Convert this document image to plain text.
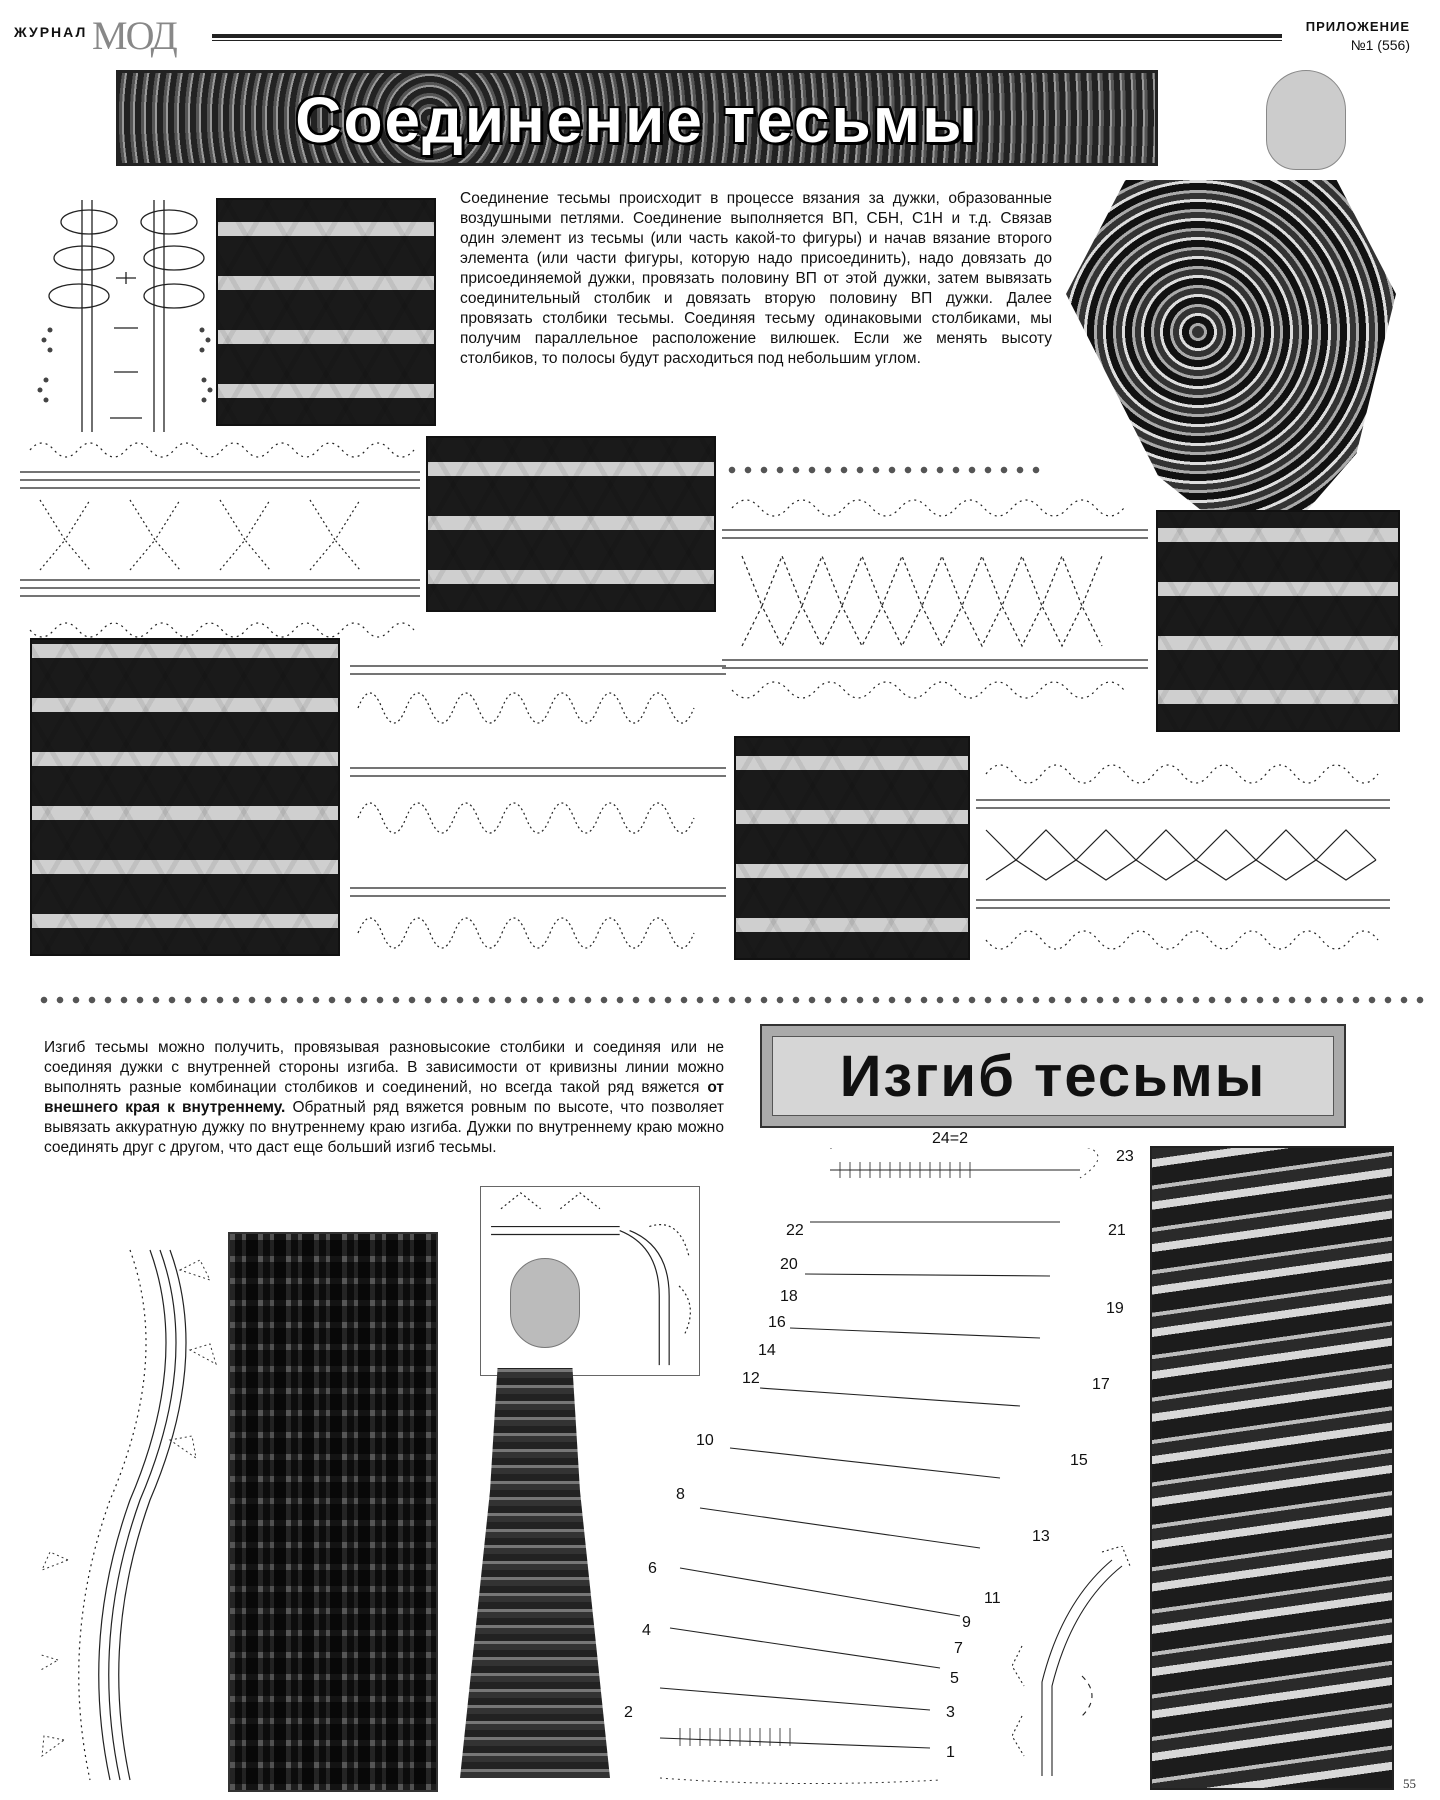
ЖУРНАЛ МОД	ПРИЛОЖЕНИЕ
№1 (556)
Соединение тесьмы
Соединение тесьмы происходит в процессе вязания за дужки, образованные воздушными петлями. Соединение выполняется ВП, СБН, С1Н и т.д. Связав один элемент из тесьмы (или часть какой-то фигуры) и начав вязание второго элемента (или части фигуры, которую надо присоединить), надо довязать до присоединяемой дужки, провязать половину ВП от этой дужки, затем вывязать соединительный столбик и довязать вторую половину ВП дужки. Далее провязать столбики тесьмы. Соединяя тесьму одинаковыми столбиками, мы получим параллельное расположение вилюшек. Если же менять высоту столбиков, то полосы будут расходиться под небольшим углом.
Изгиб тесьмы можно получить, провязывая разновысокие столбики и соединяя или не соединяя дужки с внутренней стороны изгиба. В зависимости от кривизны линии можно выполнять разные комбинации столбиков и соединений, но всегда такой ряд вяжется от внешнего края к внутреннему. Обратный ряд вяжется ровным по высоте, что позволяет вывязать аккуратную дужку по внутреннему краю изгиба. Дужки по внутреннему краю можно соединять друг с другом, что даст еще больший изгиб тесьмы.
Изгиб тесьмы
24=2
23
22	21
20
19
18
17
16
15
14
13
12
11
10
9
8
7
6
5
4
3
2
1
55
